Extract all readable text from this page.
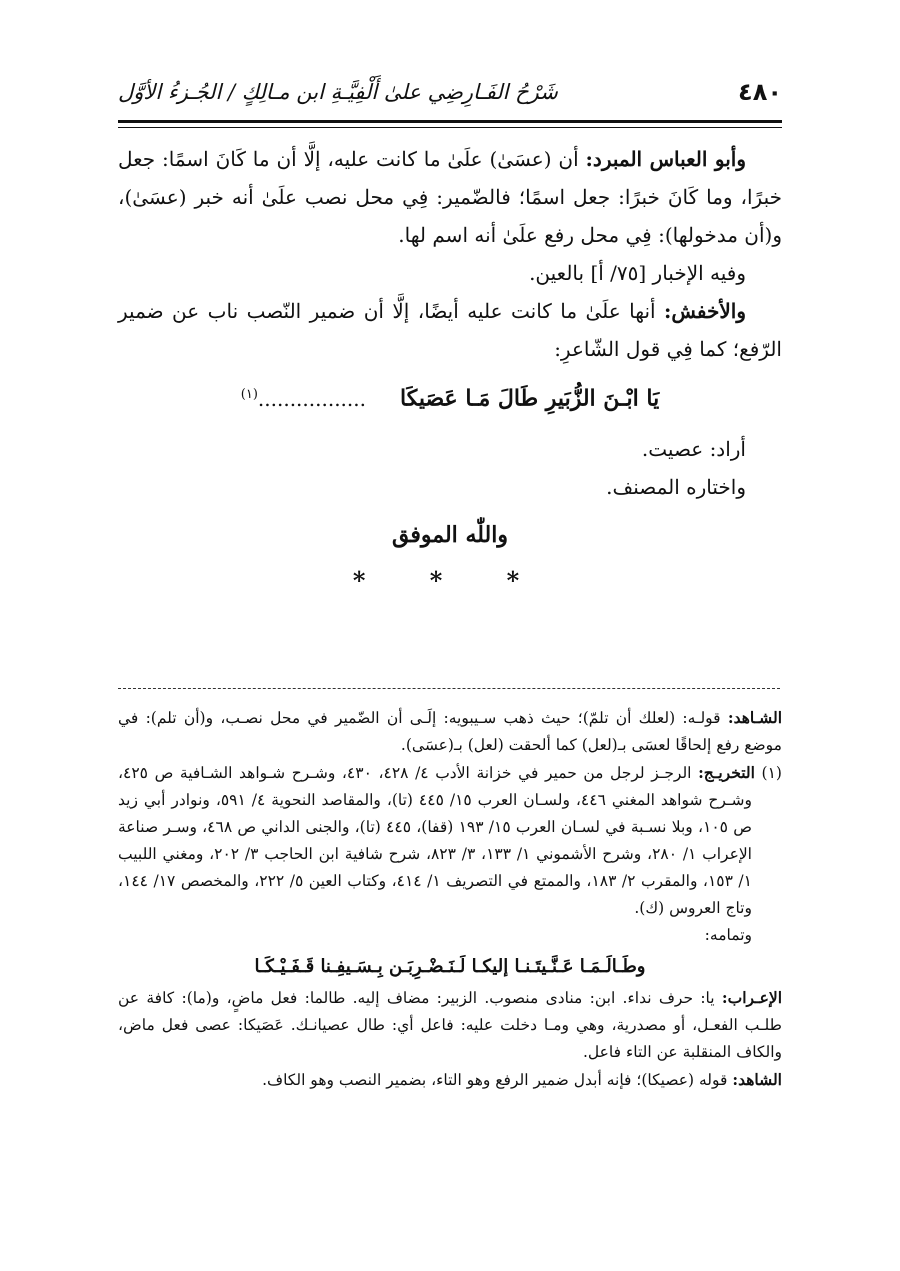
٤٨٠
شَرْحُ الفَـارِضِي علىٰ أَلْفِيَّـةِ ابن مـالِكٍ / الجُـزءُ الأوَّل

وأبو العباس المبرد: أن (عسَىٰ) علَىٰ ما كانت عليه، إلَّا أن ما كَانَ اسمًا: جعل خبرًا، وما كَانَ خبرًا: جعل اسمًا؛ فالضّمير: فِي محل نصب علَىٰ أنه خبر (عسَىٰ)، و(أن مدخولها): فِي محل رفع علَىٰ أنه اسم لها.

وفيه الإخبار [٧٥/ أ] بالعين.

والأخفش: أنها علَىٰ ما كانت عليه أيضًا، إلَّا أن ضمير النّصب ناب عن ضمير الرّفع؛ كما فِي قول الشّاعرِ:

يَا ابْـنَ الزُّبَيرِ طَالَ مَـا عَصَيكَا.................$^{(١)}$

أراد: عصيت.

واختاره المصنف.

واللّٰه الموفق
* * *

الشـاهد: قولـه: (لعلك أن تلمّ)؛ حيث ذهب سـيبويه: إلَـى أن الضّمير في محل نصـب، و(أن تلم): في موضع رفع إلحاقًا لعسَى بـ(لعل) كما ألحقت (لعل) بـ(عسَى).

(١) التخريـج: الرجـز لرجل من حمير في خزانة الأدب ٤/ ٤٢٨، ٤٣٠، وشـرح شـواهد الشـافية ص ٤٢٥، وشـرح شواهد المغني ٤٤٦، ولسـان العرب ١٥/ ٤٤٥ (تا)، والمقاصد النحوية ٤/ ٥٩١، ونوادر أبي زيد ص ١٠٥، وبلا نسـبة في لسـان العرب ١٥/ ١٩٣ (قفا)، ٤٤٥ (تا)، والجنى الداني ص ٤٦٨، وسـر صناعة الإعراب ١/ ٢٨٠، وشرح الأشموني ١/ ١٣٣، ٣/ ٨٢٣، شرح شافية ابن الحاجب ٣/ ٢٠٢، ومغني اللبيب ١/ ١٥٣، والمقرب ٢/ ١٨٣، والممتع في التصريف ١/ ٤١٤، وكتاب العين ٥/ ٢٢٢، والمخصص ١٧/ ١٤٤، وتاج العروس (ك).

وتمامه:

وطَـالَـمَـا عَـنَّـيتَـنـا إليكـا لَـنَـضْـرِبَـن بِـسَـيفِـنا قَـفَـيْـكَـا

الإعـراب: يا: حرف نداء. ابن: منادى منصوب. الزبير: مضاف إليه. طالما: فعل ماضٍ، و(ما): كافة عن طلـب الفعـل، أو مصدرية، وهي ومـا دخلت عليه: فاعل أي: طال عصيانـك. عَصَيكا: عصى فعل ماض، والكاف المنقلبة عن التاء فاعل.

الشاهد: قوله (عصيكا)؛ فإنه أبدل ضمير الرفع وهو التاء، بضمير النصب وهو الكاف.
